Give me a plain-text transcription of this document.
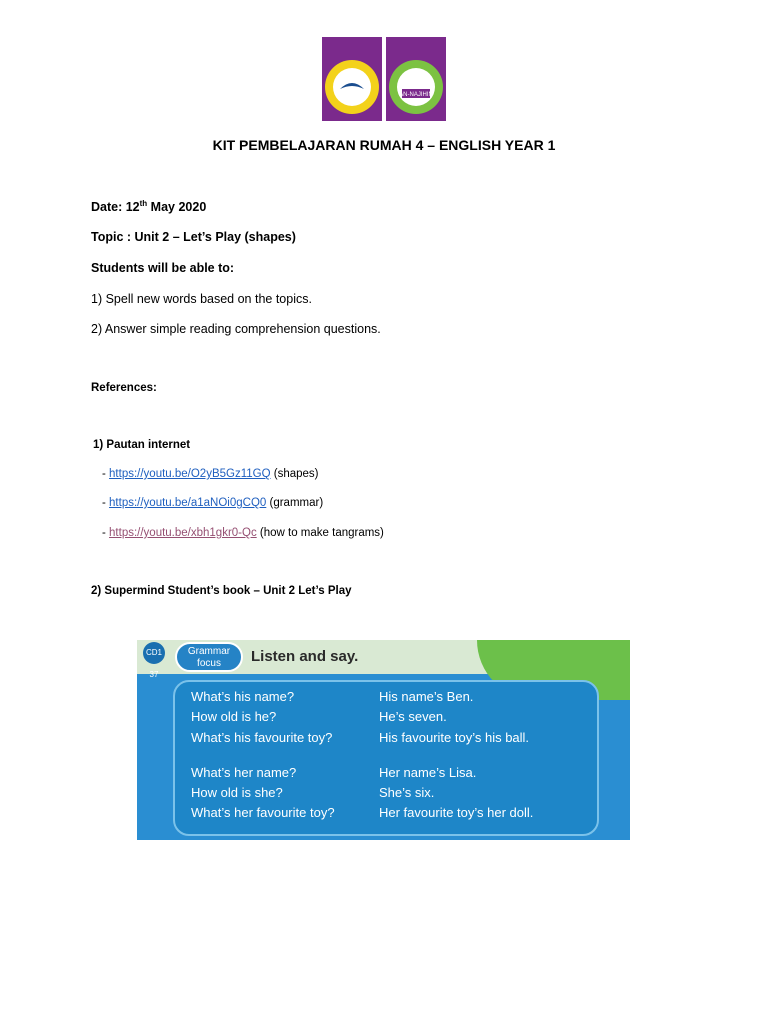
AN-NAJIHIN
KIT PEMBELAJARAN RUMAH 4 – ENGLISH YEAR 1
Date: 12th May 2020
Topic : Unit 2 – Let’s Play (shapes)
Students will be able to:
1) Spell new words based on the topics.
2) Answer simple reading comprehension questions.
References:
1) Pautan internet
- https://youtu.be/O2yB5Gz11GQ (shapes)
- https://youtu.be/a1aNOi0gCQ0 (grammar)
- https://youtu.be/xbh1gkr0-Qc (how to make tangrams)
2) Supermind Student’s book – Unit 2 Let’s Play
CD1 37
Grammar focus	Listen and say.
What’s his name?	His name’s Ben.
How old is he?	He’s seven.
What’s his favourite toy?	His favourite toy’s his ball.
What’s her name?	Her name’s Lisa.
How old is she?	She’s six.
What’s her favourite toy?	Her favourite toy’s her doll.
